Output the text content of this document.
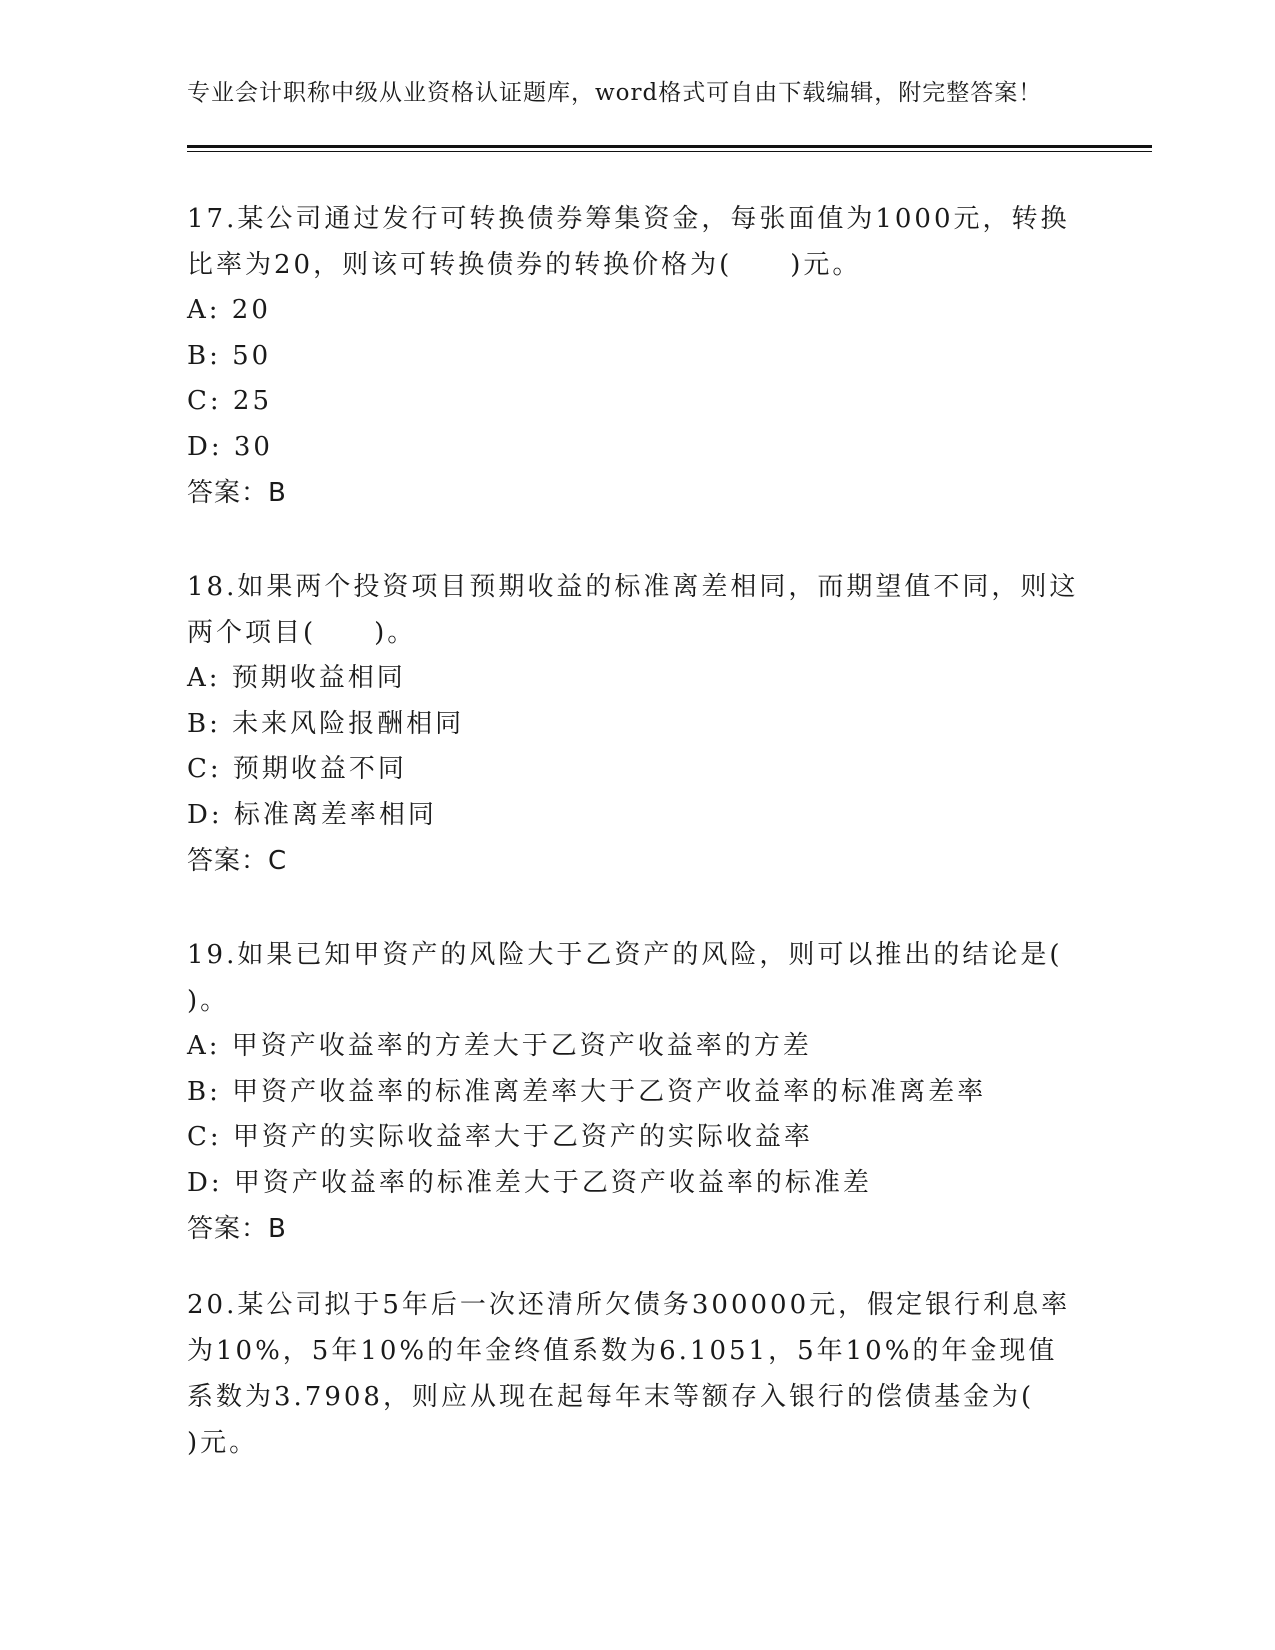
专业会计职称中级从业资格认证题库，word格式可自由下载编辑，附完整答案！
17.某公司通过发行可转换债券筹集资金，每张面值为1000元，转换
比率为20，则该可转换债券的转换价格为(　　)元。
A: 20
B: 50
C: 25
D: 30
答案：B
18.如果两个投资项目预期收益的标准离差相同，而期望值不同，则这
两个项目(　　)。
A: 预期收益相同
B: 未来风险报酬相同
C: 预期收益不同
D: 标准离差率相同
答案：C
19.如果已知甲资产的风险大于乙资产的风险，则可以推出的结论是(
)。
A: 甲资产收益率的方差大于乙资产收益率的方差
B: 甲资产收益率的标准离差率大于乙资产收益率的标准离差率
C: 甲资产的实际收益率大于乙资产的实际收益率
D: 甲资产收益率的标准差大于乙资产收益率的标准差
答案：B
20.某公司拟于5年后一次还清所欠债务300000元，假定银行利息率
为10%，5年10%的年金终值系数为6.1051，5年10%的年金现值
系数为3.7908，则应从现在起每年末等额存入银行的偿债基金为(
)元。
